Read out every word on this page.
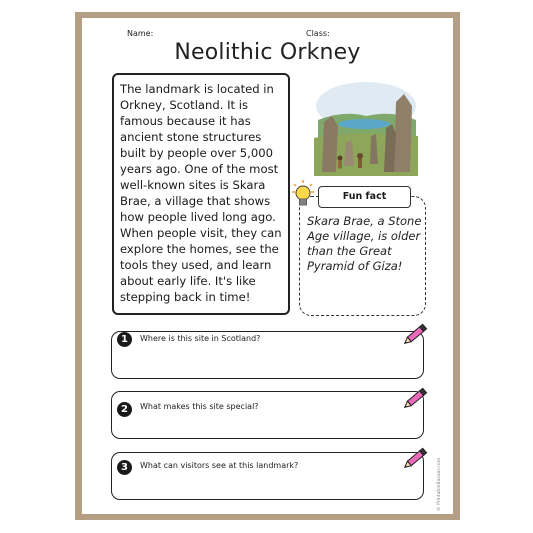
Name:	Class:
Neolithic Orkney
The landmark is located in Orkney, Scotland. It is famous because it has ancient stone structures built by people over 5,000 years ago. One of the most well-known sites is Skara Brae, a village that shows how people lived long ago. When people visit, they can explore the homes, see the tools they used, and learn about early life. It's like stepping back in time!
Fun fact
Skara Brae, a Stone Age village, is older than the Great Pyramid of Giza!
1	Where is this site in Scotland?
2	What makes this site special?
3	What can visitors see at this landmark?	© PrintableBazaar.com
